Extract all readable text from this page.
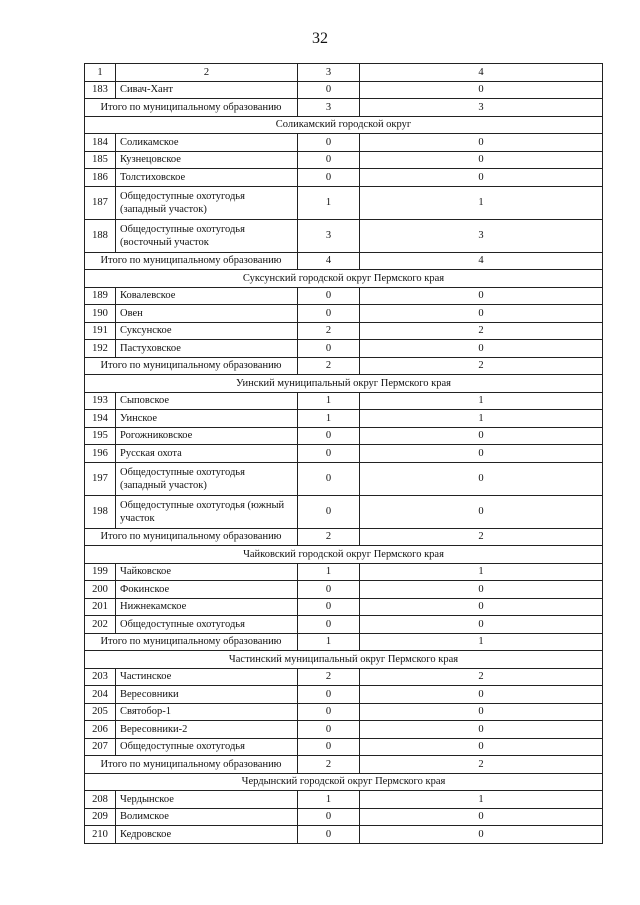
32
1	2	3	4
183	Сивач-Хант	0	0
Итого по муниципальному образованию		3	3
Соликамский городской округ			
184	Соликамское	0	0
185	Кузнецовское	0	0
186	Толстиховское	0	0
187	Общедоступные охотугодья (западный участок)	1	1
188	Общедоступные охотугодья (восточный участок	3	3
Итого по муниципальному образованию		4	4
Суксунский городской округ Пермского края			
189	Ковалевское	0	0
190	Овен	0	0
191	Суксунское	2	2
192	Пастуховское	0	0
Итого по муниципальному образованию		2	2
Уинский муниципальный округ Пермского края			
193	Сыповское	1	1
194	Уинское	1	1
195	Рогожниковское	0	0
196	Русская охота	0	0
197	Общедоступные охотугодья (западный участок)	0	0
198	Общедоступные охотугодья (южный участок	0	0
Итого по муниципальному образованию		2	2
Чайковский городской округ Пермского края			
199	Чайковское	1	1
200	Фокинское	0	0
201	Нижнекамское	0	0
202	Общедоступные охотугодья	0	0
Итого по муниципальному образованию		1	1
Частинский муниципальный округ Пермского края			
203	Частинское	2	2
204	Вересовники	0	0
205	Святобор-1	0	0
206	Вересовники-2	0	0
207	Общедоступные охотугодья	0	0
Итого по муниципальному образованию		2	2
Чердынский городской округ Пермского края			
208	Чердынское	1	1
209	Волимское	0	0
210	Кедровское	0	0
